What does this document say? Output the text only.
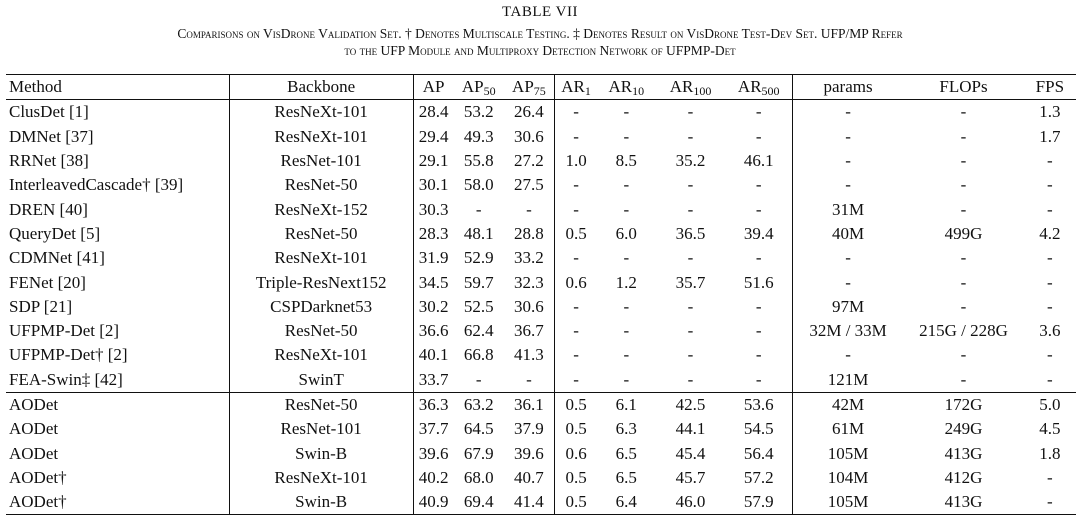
TABLE VII
Comparisons on VisDrone Validation Set. † Denotes Multiscale Testing. ‡ Denotes Result on VisDrone Test-Dev Set. UFP/MP Refer
to the UFP Module and Multiproxy Detection Network of UFPMP-Det
Method	Backbone	AP	$AP_{50}$	$AP_{75}$	$AR_1$	$AR_{10}$	$AR_{100}$	$AR_{500}$	params	FLOPs	FPS
ClusDet [1]	ResNeXt-101	28.4	53.2	26.4	-	-	-	-	-	-	1.3
DMNet [37]	ResNeXt-101	29.4	49.3	30.6	-	-	-	-	-	-	1.7
RRNet [38]	ResNet-101	29.1	55.8	27.2	1.0	8.5	35.2	46.1	-	-	-
InterleavedCascade† [39]	ResNet-50	30.1	58.0	27.5	-	-	-	-	-	-	-
DREN [40]	ResNeXt-152	30.3	-	-	-	-	-	-	31M	-	-
QueryDet [5]	ResNet-50	28.3	48.1	28.8	0.5	6.0	36.5	39.4	40M	499G	4.2
CDMNet [41]	ResNeXt-101	31.9	52.9	33.2	-	-	-	-	-	-	-
FENet [20]	Triple-ResNext152	34.5	59.7	32.3	0.6	1.2	35.7	51.6	-	-	-
SDP [21]	CSPDarknet53	30.2	52.5	30.6	-	-	-	-	97M	-	-
UFPMP-Det [2]	ResNet-50	36.6	62.4	36.7	-	-	-	-	32M / 33M	215G / 228G	3.6
UFPMP-Det† [2]	ResNeXt-101	40.1	66.8	41.3	-	-	-	-	-	-	-
FEA-Swin‡ [42]	SwinT	33.7	-	-	-	-	-	-	121M	-	-
AODet	ResNet-50	36.3	63.2	36.1	0.5	6.1	42.5	53.6	42M	172G	5.0
AODet	ResNet-101	37.7	64.5	37.9	0.5	6.3	44.1	54.5	61M	249G	4.5
AODet	Swin-B	39.6	67.9	39.6	0.6	6.5	45.4	56.4	105M	413G	1.8
AODet†	ResNeXt-101	40.2	68.0	40.7	0.5	6.5	45.7	57.2	104M	412G	-
AODet†	Swin-B	40.9	69.4	41.4	0.5	6.4	46.0	57.9	105M	413G	-
